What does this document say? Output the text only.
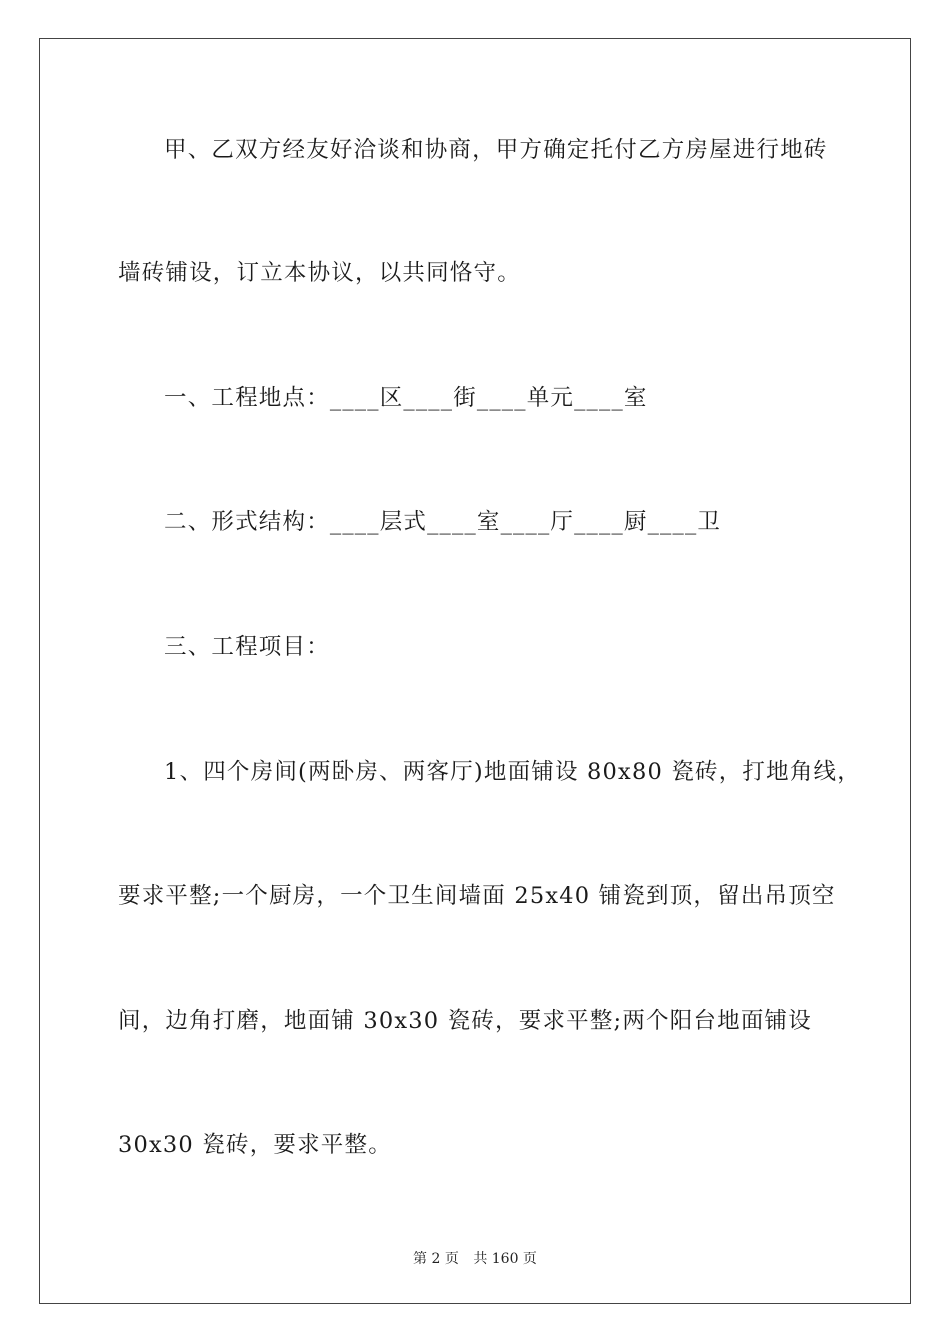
甲、乙双方经友好洽谈和协商，甲方确定托付乙方房屋进行地砖
墙砖铺设，订立本协议，以共同恪守。
一、工程地点：____区____街____单元____室
二、形式结构：____层式____室____厅____厨____卫
三、工程项目：
1、四个房间(两卧房、两客厅)地面铺设 80x80 瓷砖，打地角线，
要求平整;一个厨房，一个卫生间墙面 25x40 铺瓷到顶，留出吊顶空
间，边角打磨，地面铺 30x30 瓷砖，要求平整;两个阳台地面铺设
30x30 瓷砖，要求平整。
第 2 页 共 160 页
